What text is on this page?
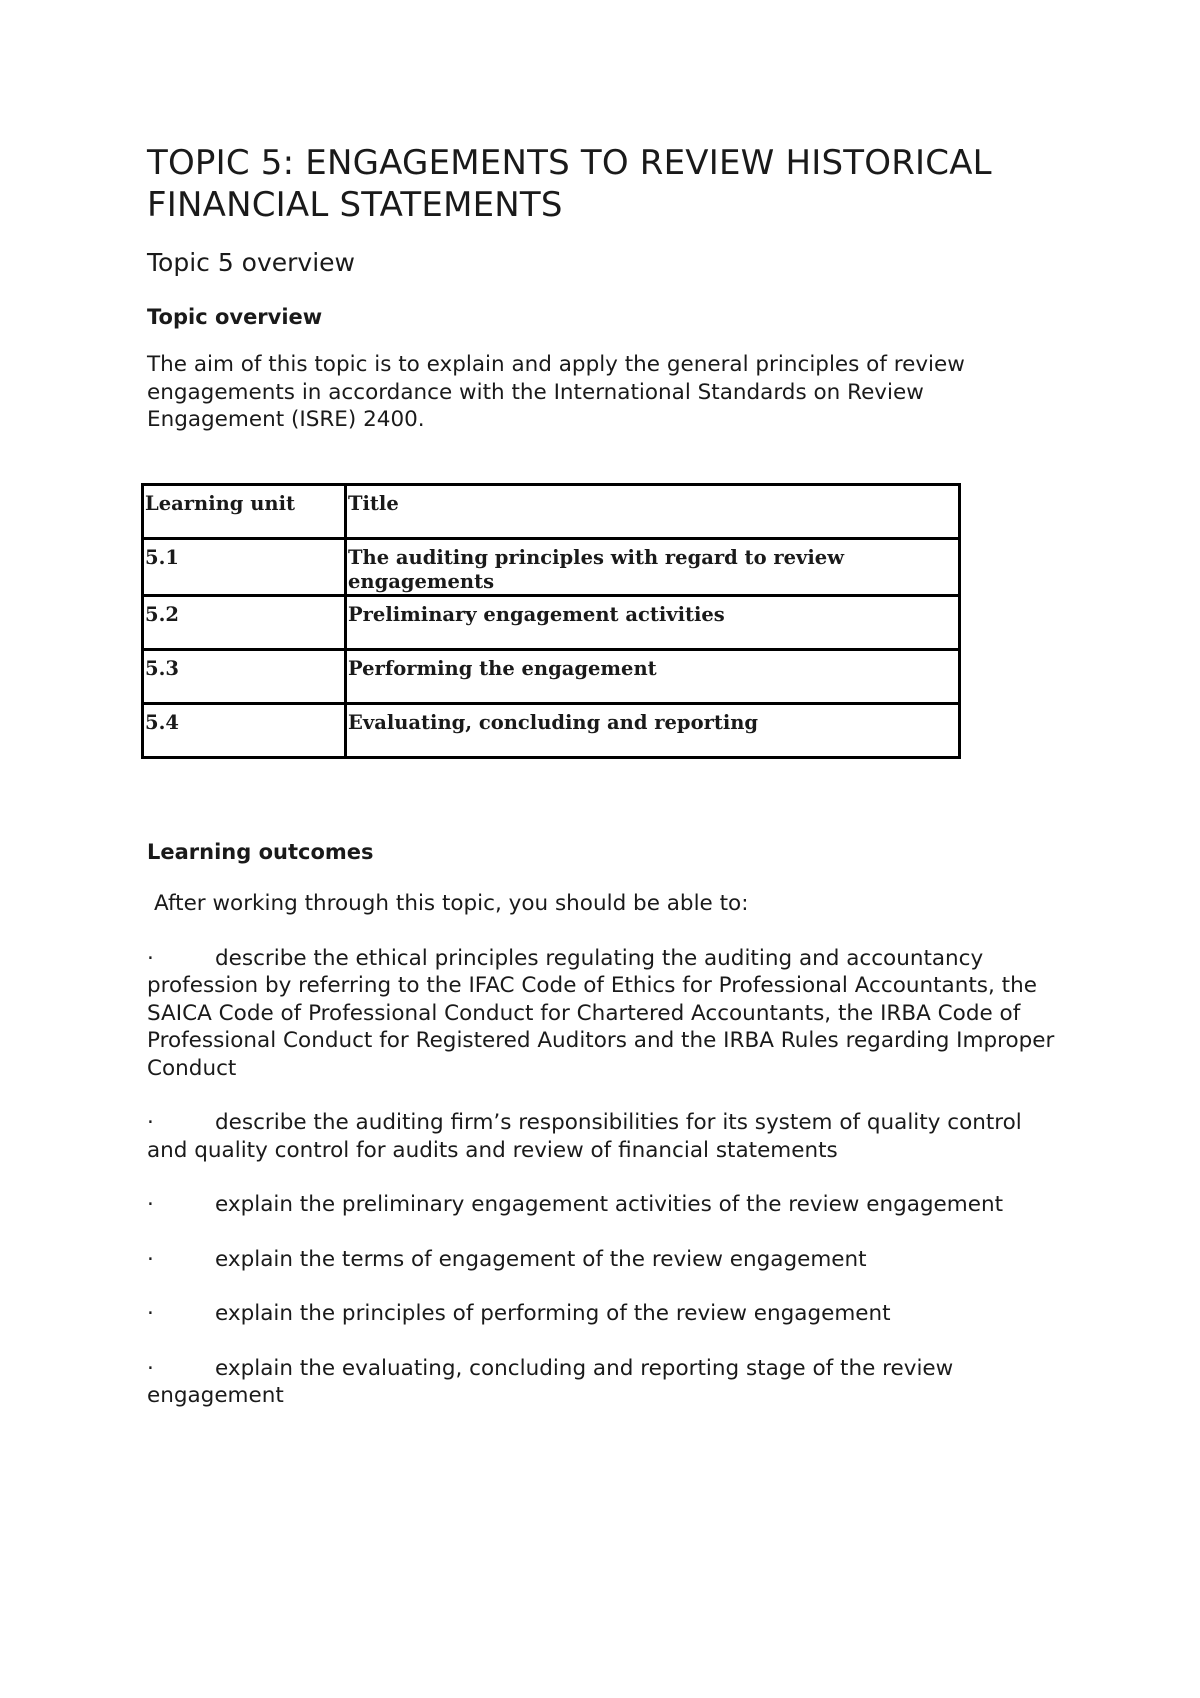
TOPIC 5: ENGAGEMENTS TO REVIEW HISTORICAL FINANCIAL STATEMENTS
Topic 5 overview
Topic overview

The aim of this topic is to explain and apply the general principles of review engagements in accordance with the International Standards on Review Engagement (ISRE) 2400.

Learning unit	Title
5.1	The auditing principles with regard to review engagements
5.2	Preliminary engagement activities
5.3	Performing the engagement
5.4	Evaluating, concluding and reporting
Learning outcomes

After working through this topic, you should be able to:

·	describe the ethical principles regulating the auditing and accountancy profession by referring to the IFAC Code of Ethics for Professional Accountants, the SAICA Code of Professional Conduct for Chartered Accountants, the IRBA Code of Professional Conduct for Registered Auditors and the IRBA Rules regarding Improper Conduct

·	describe the auditing firm’s responsibilities for its system of quality control and quality control for audits and review of financial statements

·	explain the preliminary engagement activities of the review engagement

·	explain the terms of engagement of the review engagement

·	explain the principles of performing of the review engagement

·	explain the evaluating, concluding and reporting stage of the review engagement
